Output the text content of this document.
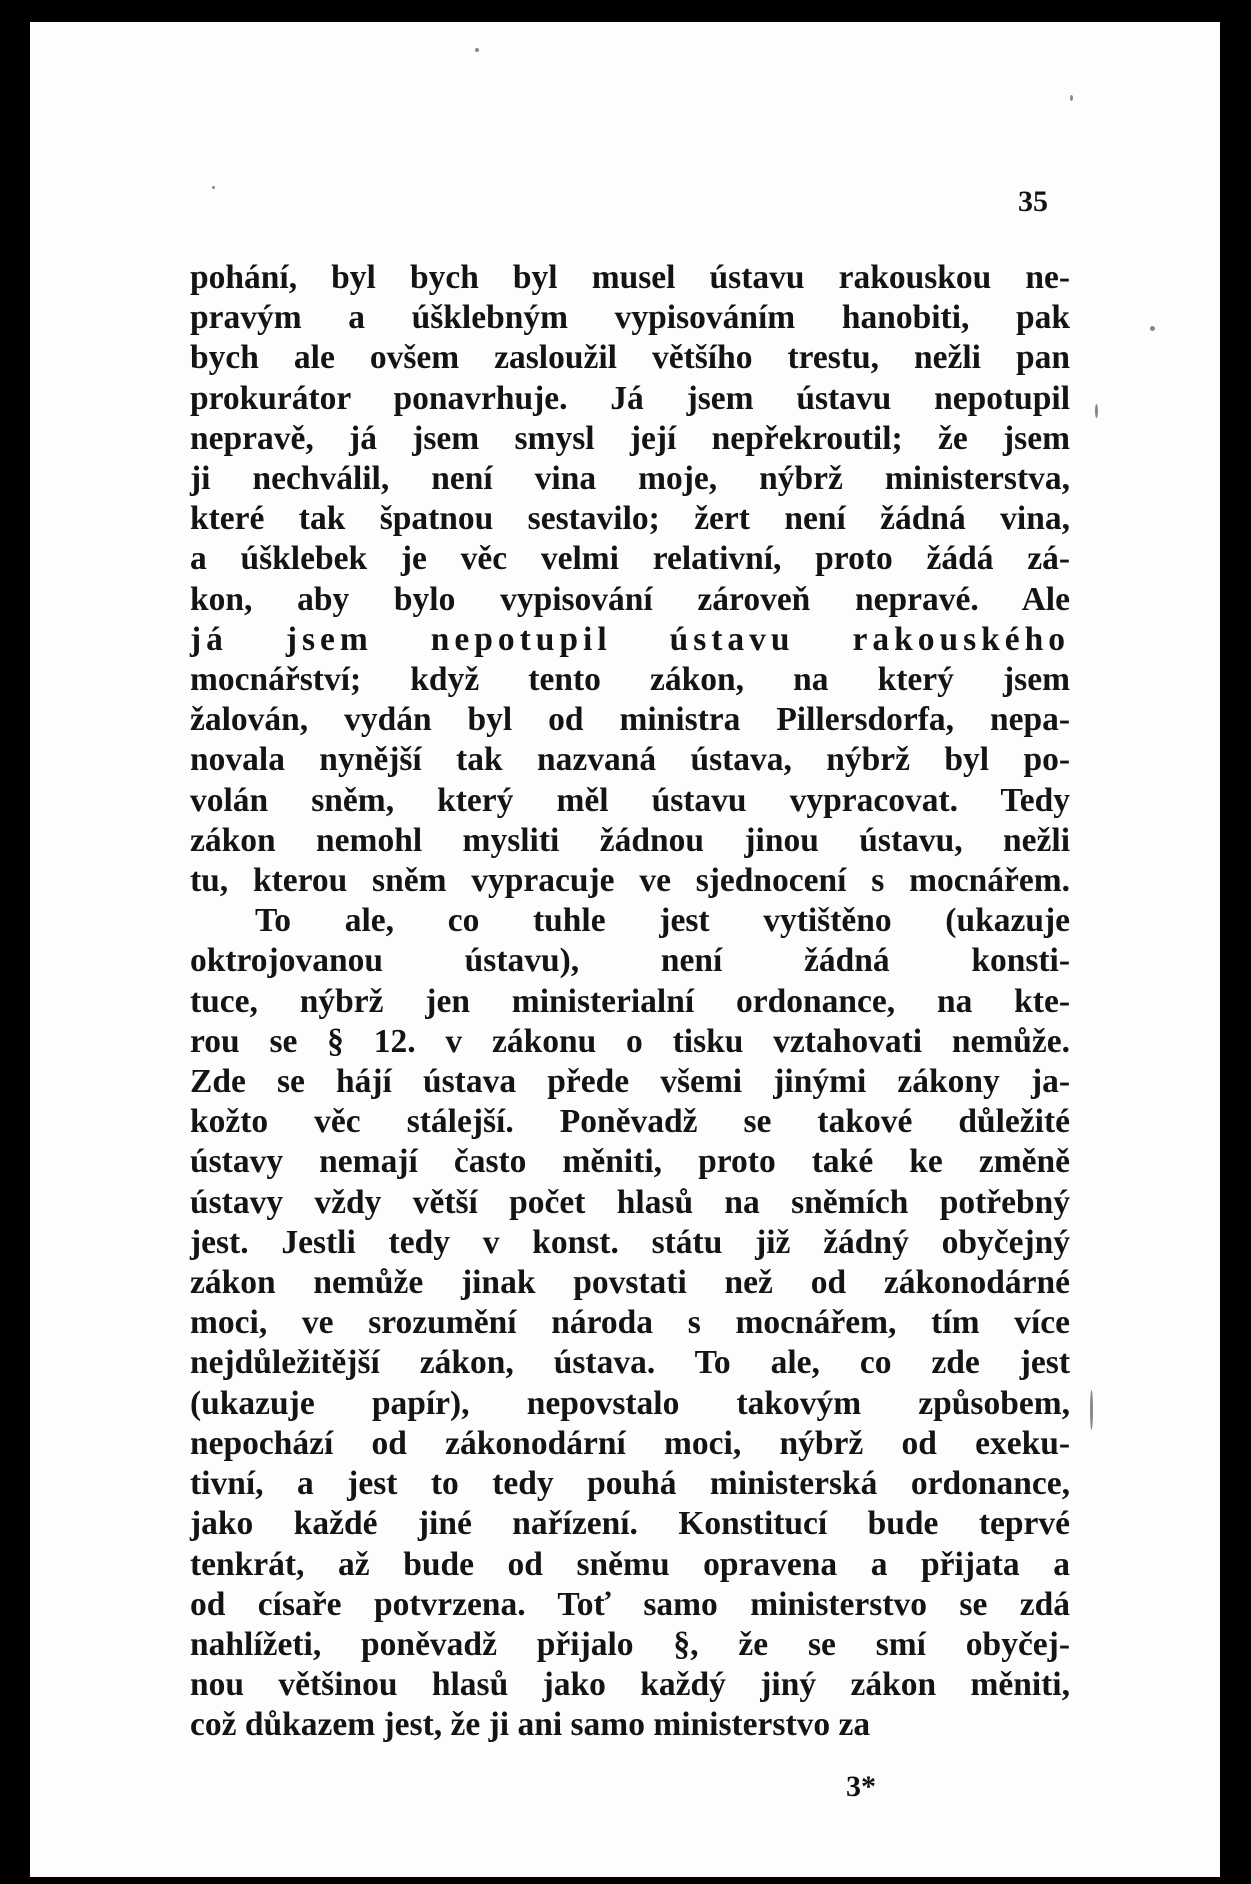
35
pohání, byl bych byl musel ústavu rakouskou ne-
pravým a úšklebným vypisováním hanobiti, pak
bych ale ovšem zasloužil většího trestu, nežli pan
prokurátor ponavrhuje. Já jsem ústavu nepotupil
nepravě, já jsem smysl její nepřekroutil; že jsem
ji nechválil, není vina moje, nýbrž ministerstva,
které tak špatnou sestavilo; žert není žádná vina,
a úšklebek je věc velmi relativní, proto žádá zá-
kon, aby bylo vypisování zároveň nepravé. Ale
já jsem nepotupil ústavu rakouského
mocnářství; když tento zákon, na který jsem
žalován, vydán byl od ministra Pillersdorfa, nepa-
novala nynější tak nazvaná ústava, nýbrž byl po-
volán sněm, který měl ústavu vypracovat. Tedy
zákon nemohl mysliti žádnou jinou ústavu, nežli
tu, kterou sněm vypracuje ve sjednocení s mocnářem.
To ale, co tuhle jest vytištěno (ukazuje
oktrojovanou ústavu), není žádná konsti-
tuce, nýbrž jen ministerialní ordonance, na kte-
rou se § 12. v zákonu o tisku vztahovati nemůže.
Zde se hájí ústava přede všemi jinými zákony ja-
kožto věc stálejší. Poněvadž se takové důležité
ústavy nemají často měniti, proto také ke změně
ústavy vždy větší počet hlasů na sněmích potřebný
jest. Jestli tedy v konst. státu již žádný obyčejný
zákon nemůže jinak povstati než od zákonodárné
moci, ve srozumění národa s mocnářem, tím více
nejdůležitější zákon, ústava. To ale, co zde jest
(ukazuje papír), nepovstalo takovým způsobem,
nepochází od zákonodární moci, nýbrž od exeku-
tivní, a jest to tedy pouhá ministerská ordonance,
jako každé jiné nařízení. Konstitucí bude teprvé
tenkrát, až bude od sněmu opravena a přijata a
od císaře potvrzena. Toť samo ministerstvo se zdá
nahlížeti, poněvadž přijalo §, že se smí obyčej-
nou většinou hlasů jako každý jiný zákon měniti,
což důkazem jest, že ji ani samo ministerstvo za
3*
